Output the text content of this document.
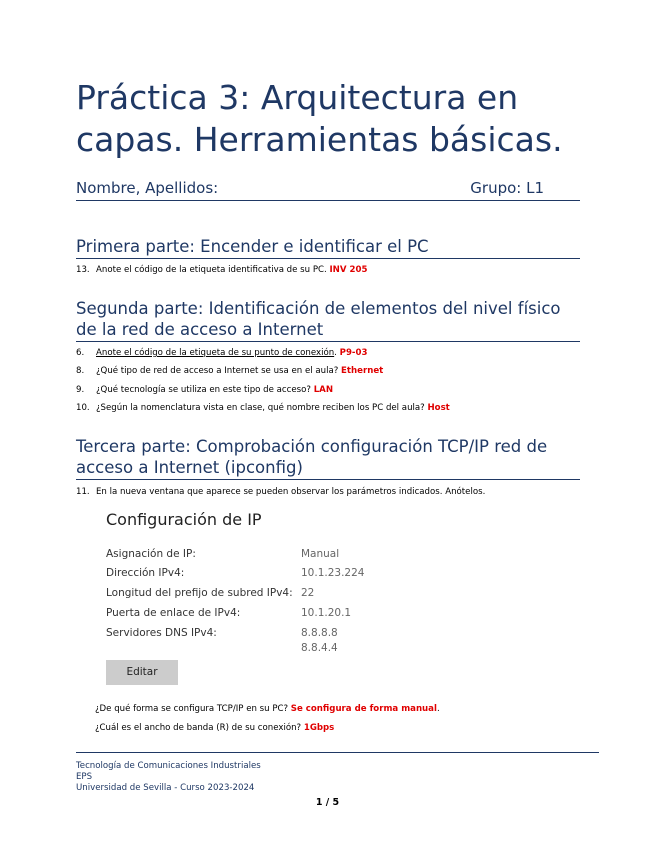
Práctica 3: Arquitectura en capas. Herramientas básicas.
Nombre, Apellidos:	Grupo: L1
Primera parte: Encender e identificar el PC
13. Anote el código de la etiqueta identificativa de su PC. INV 205
Segunda parte: Identificación de elementos del nivel físico de la red de acceso a Internet
6. Anote el código de la etiqueta de su punto de conexión. P9-03
8. ¿Qué tipo de red de acceso a Internet se usa en el aula? Ethernet
9. ¿Qué tecnología se utiliza en este tipo de acceso? LAN
10. ¿Según la nomenclatura vista en clase, qué nombre reciben los PC del aula? Host
Tercera parte: Comprobación configuración TCP/IP red de acceso a Internet (ipconfig)
11. En la nueva ventana que aparece se pueden observar los parámetros indicados. Anótelos.
Configuración de IP
Asignación de IP:	Manual
Dirección IPv4:	10.1.23.224
Longitud del prefijo de subred IPv4: 22
Puerta de enlace de IPv4:	10.1.20.1
Servidores DNS IPv4:	8.8.8.8
8.8.4.4
Editar
¿De qué forma se configura TCP/IP en su PC? Se configura de forma manual.
¿Cuál es el ancho de banda (R) de su conexión? 1Gbps
Tecnología de Comunicaciones Industriales
EPS
Universidad de Sevilla - Curso 2023-2024
1 / 5
